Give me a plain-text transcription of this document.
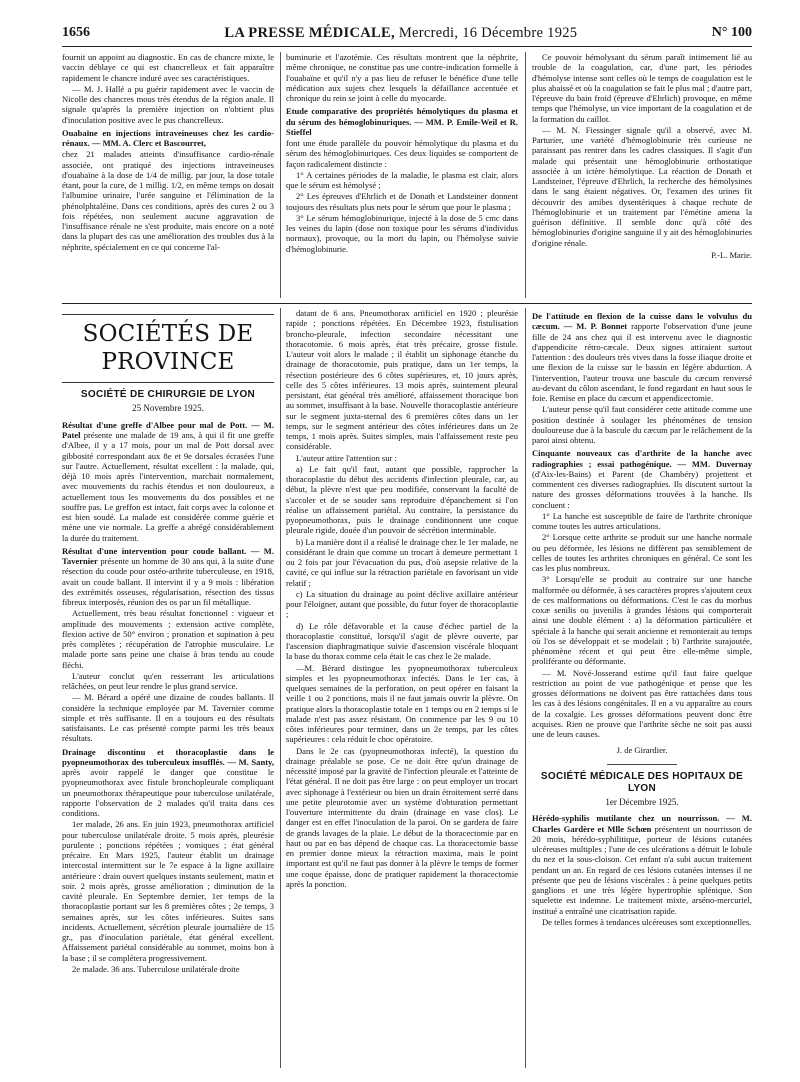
1656	LA PRESSE MÉDICALE, Mercredi, 16 Décembre 1925	N° 100

fournit un appoint au diagnostic. En cas de chancre mixte, le vaccin déblaye ce qui est chancrelleux et fait apparaître rapidement le chancre induré avec ses caractéristiques.

— M. J. Hallé a pu guérir rapidement avec le vaccin de Nicolle des chancres mous très étendus de la région anale. Il signale qu'après la première injection on n'obtient plus d'inoculation positive avec le pus chancrelleux.

Ouabaïne en injections intraveineuses chez les cardio-rénaux. — MM. A. Clerc et Bascourret,

chez 21 malades atteints d'insuffisance cardio-rénale associée, ont pratiqué des injections intraveineuses d'ouabaïne à la dose de 1/4 de millig. par jour, la dose totale étant, pour la cure, de 1 millig. 1/2, en même temps on dosait l'albumine urinaire, l'urée sanguine et l'élimination de la phénolphtaléine. Dans ces conditions, après des cures 2 ou 3 fois répétées, non seulement aucune aggravation de l'insuffisance rénale ne s'est produite, mais encore on a noté dans la plupart des cas une amélioration des troubles dus à la néphrite, spécialement en ce qui concerne l'al-

buminurie et l'azotémie. Ces résultats montrent que la néphrite, même chronique, ne constitue pas une contre-indication formelle à l'ouabaïne et qu'il n'y a pas lieu de refuser le bénéfice d'une telle médication aux sujets chez lesquels la défaillance accentuée et chronique du rein se joint à celle du myocarde.

Etude comparative des propriétés hémolytiques du plasma et du sérum des hémoglobinuriques. — MM. P. Emile-Weil et R. Stieffel

font une étude parallèle du pouvoir hémolytique du plasma et du sérum des hémoglobinuriques. Ces deux liquides se comportent de façon radicalement distincte :

1° A certaines périodes de la maladie, le plasma est clair, alors que le sérum est hémolysé ;

2° Les épreuves d'Ehrlich et de Donath et Landsteiner donnent toujours des résultats plus nets pour le sérum que pour le plasma ;

3° Le sérum hémoglobinurique, injecté à la dose de 5 cmc dans les veines du lapin (dose non toxique pour les sérums d'individus normaux), provoque, ou la mort du lapin, ou l'hémolyse suivie d'hémoglobinurie.

Ce pouvoir hémolysant du sérum paraît intimement lié au trouble de la coagulation, car, d'une part, les périodes d'hémolyse intense sont celles où le temps de coagulation est le plus abaissé et où la coagulation se fait le plus mal ; d'autre part, l'épreuve du bain froid (épreuve d'Ehrlich) provoque, en même temps que l'hémolyse, un vice important de la coagulation et de la formation du caillot.

— M. N. Fiessinger signale qu'il a observé, avec M. Parturier, une variété d'hémoglobinurie très curieuse ne paraissant pas rentrer dans les cadres classiques. Il s'agit d'un malade qui présentait une hémoglobinurie orthostatique associée à un ictère hémolytique. La réaction de Donath et Landsteiner, l'épreuve d'Ehrlich, la recherche des hémolysines dans le sang étaient négatives. Or, l'examen des urines fit découvrir des amibes dysentériques à chaque rechute de l'hémoglobinurie et un traitement par l'émétine amena la guérison définitive. Il semble donc qu'à côté des hémoglobinuries d'origine sanguine il y ait des hémoglobinuries d'origine rénale.

P.-L. Marie.
SOCIÉTÉS DE PROVINCE
SOCIÉTÉ DE CHIRURGIE DE LYON
25 Novembre 1925.

Résultat d'une greffe d'Albee pour mal de Pott. — M. Patel présente une malade de 19 ans, à qui il fit une greffe d'Albee, il y a 17 mois, pour un mal de Pott dorsal avec gibbosité correspondant aux 8e et 9e dorsales écrasées l'une sur l'autre. Actuellement, résultat excellent : la malade, qui, déjà 10 mois après l'intervention, marchait normalement, avec mouvements du rachis étendus et non douloureux, a actuellement tous les mouvements du dos possibles et ne souffre pas. Le greffon est intact, fait corps avec la colonne et est bien soudé. La malade est considérée comme guérie et mène une vie normale. La greffe a abrégé considérablement la durée du traitement.

Résultat d'une intervention pour coude ballant. — M. Tavernier présente un homme de 30 ans qui, à la suite d'une résection du coude pour ostéo-arthrite tuberculeuse, en 1918, avait un coude ballant. Il intervint il y a 9 mois : libération des extrémités osseuses, régularisation, résection des tissus fibreux interposés, réunion des os par un fil métallique.

Actuellement, très beau résultat fonctionnel : vigueur et amplitude des mouvements ; extension active complète, flexion active de 50° environ ; pronation et supination à peu près complètes ; récupération de l'atrophie musculaire. Le malade porte sans peine une chaise à bras tendu au coude fléchi.

L'auteur conclut qu'en resserrant les articulations relâchées, on peut leur rendre le plus grand service.

— M. Bérard a opéré une dizaine de coudes ballants. Il considère la technique employée par M. Tavernier comme simple et très suffisante. Il en a toujours eu des résultats satisfaisants. Le cas présenté compte parmi les très beaux résultats.

Drainage discontinu et thoracoplastie dans le pyopneumothorax des tuberculeux insufflés. — M. Santy, après avoir rappelé le danger que constitue le pyopneumothorax avec fistule bronchopleurale compliquant un pneumothorax thérapeutique pour tuberculose unilatérale, rapporte l'observation de 2 malades qu'il traita dans ces conditions.

1er malade, 26 ans. En juin 1923, pneumothorax artificiel pour tuberculose unilatérale droite. 5 mois après, pleurésie purulente ; ponctions répétées ; vomiques ; état général précaire. En Mars 1925, l'auteur établit un drainage intercostal intermittent sur le 7e espace à la ligne axillaire antérieure : drain ouvert quelques instants seulement, matin et soir. 2 mois après, grosse amélioration ; diminution de la cavité pleurale. En Septembre dernier, 1er temps de la thoracoplastie portant sur les 8 premières côtes ; 2e temps, 3 semaines après, sur les côtes inférieures. Suites sans incidents. Actuellement, sécrétion pleurale journalière de 15 gr., pas d'inoculation pariétale, état général excellent. Affaissement pariétal considérable au sommet, moins bon à la base ; il se complétera progressivement.

2e malade. 36 ans. Tuberculose unilatérale droite

datant de 6 ans. Pneumothorax artificiel en 1920 ; pleurésie rapide ; ponctions répétées. En Décembre 1923, fistulisation broncho-pleurale, infection secondaire nécessitant une thoracotomie. 6 mois après, état très précaire, grosse fistule. L'auteur voit alors le malade ; il établit un siphonage étanche du drainage de thoracotomie, puis pratique, dans un 1er temps, la résection postérieure des 6 côtes supérieures, et, 10 jours après, celle des 5 côtes inférieures. 13 mois après, suintement pleural persistant, état général très amélioré, affaissement thoracique bon au sommet, insuffisant à la base. Nouvelle thoracoplastie antérieure sur le segment juxta-sternal des 6 premières côtes dans un 1er temps, sur le segment antérieur des côtes inférieures dans un 2e temps, 1 mois après. Suites simples, mais l'affaissement reste peu considérable.

L'auteur attire l'attention sur :

a) Le fait qu'il faut, autant que possible, rapprocher la thoracoplastie du début des accidents d'infection pleurale, car, au début, la plèvre n'est que peu modifiée, conservant la faculté de s'accoler et de se souder sans reproduire d'épanchement si l'on réalise un affaissement pariétal. Au contraire, la persistance du pyopneumothorax, puis le drainage conditionnent une coque pleurale rigide, douée d'un pouvoir de sécrétion interminable.

b) La manière dont il a réalisé le drainage chez le 1er malade, ne considérant le drain que comme un trocart à demeure permettant 1 ou 2 fois par jour l'évacuation du pus, d'où asepsie relative de la cavité, ce qui influe sur la rétraction pariétale en favorisant un vide relatif ;

c) La situation du drainage au point déclive axillaire antérieur pour l'éloigner, autant que possible, du futur foyer de thoracoplastie ;

d) Le rôle défavorable et la cause d'échec partiel de la thoracoplastie constitué, lorsqu'il s'agit de plèvre ouverte, par l'ascension diaphragmatique suivie d'ascension viscérale bloquant la base du thorax comme cela était le cas chez le 2e malade.

—M. Bérard distingue les pyopneumothorax tuberculeux simples et les pyopneumothorax infectés. Dans le 1er cas, à quelques semaines de la perforation, on peut opérer en faisant la veille 1 ou 2 ponctions, mais il ne faut jamais ouvrir la plèvre. On pratique alors la thoracoplastie totale en 1 temps ou en 2 temps si le malade n'est pas assez résistant. On commence par les 9 ou 10 côtes inférieures pour terminer, dans un 2e temps, par les côtes supérieures : cela réduit le choc opératoire.

Dans le 2e cas (pyopneumothorax infecté), la question du drainage préalable se pose. Ce ne doit être qu'un drainage de nécessité imposé par la gravité de l'infection pleurale et l'atteinte de l'état général. Il ne doit pas être large : on peut employer un trocart avec siphonage à l'extérieur ou bien un drain étroitement serré dans une petite pleurotomie avec un système d'obturation permettant l'ouverture intermittente du drain (drainage en vase clos). Le danger est en effet l'inoculation de la paroi. On se gardera de faire de grands lavages de la plaie. Le début de la thoracectomie par en haut ou par en bas dépend de chaque cas. La thoracectomie basse en premier donne mieux la rétraction maxima, mais le point important est qu'il ne faut pas donner à la plèvre le temps de former une coque épaisse, donc de pratiquer rapidement la thoracectomie après la ponction.

De l'attitude en flexion de la cuisse dans le volvulus du cæcum. — M. P. Bonnet rapporte l'observation d'une jeune fille de 24 ans chez qui il est intervenu avec le diagnostic d'appendicite rétro-cæcale. Deux signes attiraient surtout l'attention : des douleurs très vives dans la fosse iliaque droite et une flexion de la cuisse sur le bassin en légère abduction. A l'intervention, l'auteur trouva une bascule du cæcum renversé au-devant du côlon ascendant, le fond regardant en haut sous le foie. Remise en place du cæcum et appendicectomie.

L'auteur pense qu'il faut considérer cette attitude comme une position destinée à soulager les phénomènes de tension douloureuse due à la bascule du cæcum par le relâchement de la paroi ainsi obtenu.

Cinquante nouveaux cas d'arthrite de la hanche avec radiographies ; essai pathogénique. — MM. Duvernay (d'Aix-les-Bains) et Parent (de Chambéry) projettent et commentent ces diverses radiographies. Ils discutent surtout la nature des grosses déformations trouvées à la hanche. Ils concluent :

1° La hanche est susceptible de faire de l'arthrite chronique comme toutes les autres articulations.

2° Lorsque cette arthrite se produit sur une hanche normale ou peu déformée, les lésions ne diffèrent pas sensiblement de celles de toutes les arthrites chroniques en général. Ce sont les cas les plus nombreux.

3° Lorsqu'elle se produit au contraire sur une hanche malformée ou déformée, à ses caractères propres s'ajoutent ceux de ces malformations ou déformations. C'est le cas du morbus coxæ senilis ou juvenilis à grandes lésions qui comporterait ainsi une double élément : a) la déformation particulière et spéciale à la hanche qui serait ancienne et remonterait au temps où l'os se développait et se modelait ; b) l'arthrite surajoutée, phénomène récent et qui peut être elle-même simple, proliférante ou déformante.

— M. Nové-Josserand estime qu'il faut faire quelque restriction au point de vue pathogénique et pense que les grosses déformations ne doivent pas être rattachées dans tous les cas à des lésions congénitales. Il en a vu apparaître au cours de la coxalgie. Les grosses déformations peuvent donc être acquises. Rien ne prouve que l'arthrite sèche ne soit pas aussi une de leurs causes.

J. de Girardier.
SOCIÉTÉ MÉDICALE DES HOPITAUX DE LYON
1er Décembre 1925.

Hérédo-syphilis mutilante chez un nourrisson. — M. Charles Gardère et Mlle Schœn présentent un nourrisson de 20 mois, hérédo-syphilitique, porteur de lésions cutanées ulcéreuses multiples ; l'une de ces ulcérations a détruit le lobule du nez et la sous-cloison. Cet enfant n'a subi aucun traitement pendant un an. En regard de ces lésions cutanées intenses il ne présente que peu de lésions viscérales : à peine quelques petits ganglions et une très légère hypertrophie splénique. Son squelette est indemne. Le traitement mixte, arséno-mercuriel, institué a entraîné une cicatrisation rapide.

De telles formes à tendances ulcéreuses sont exceptionnelles.
